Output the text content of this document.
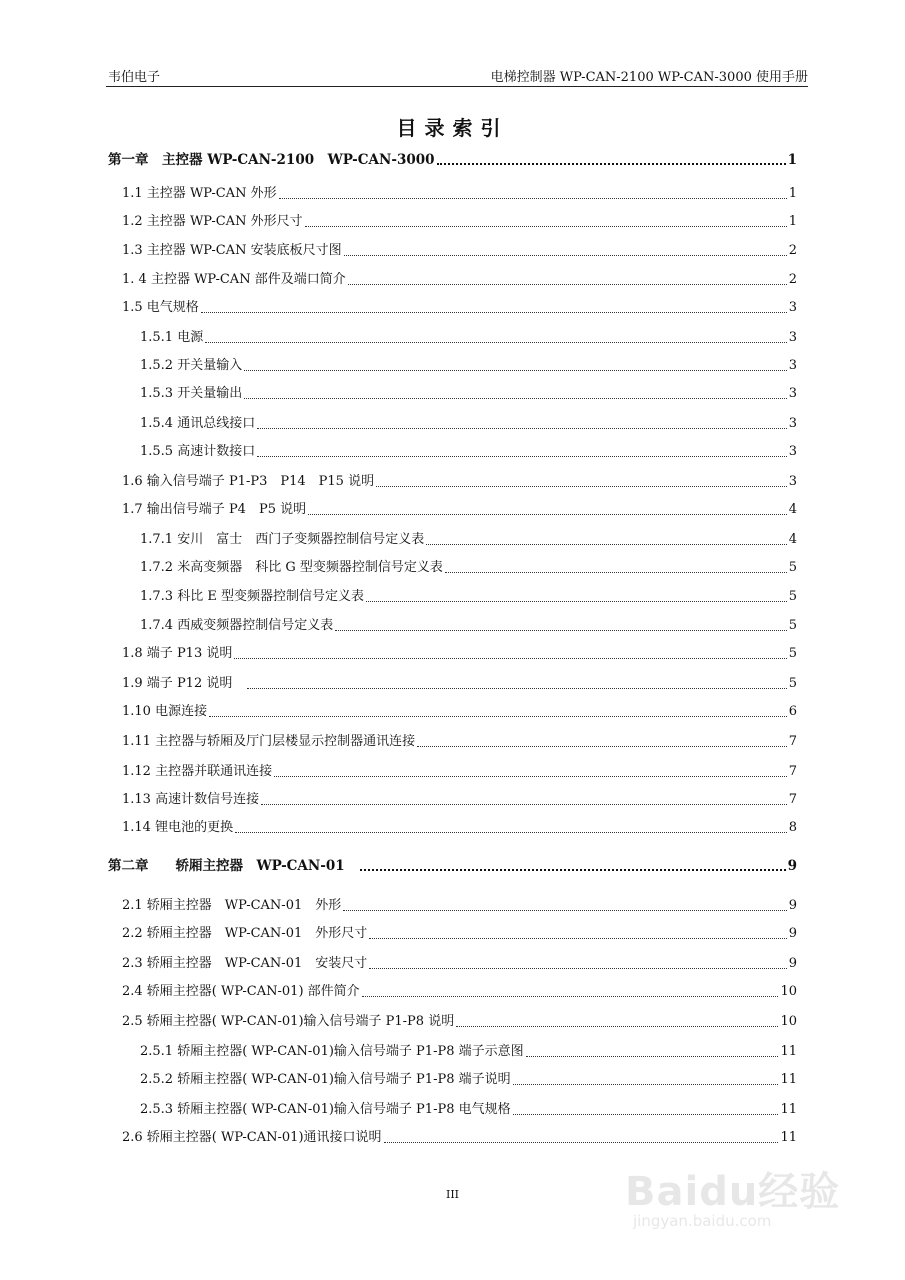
韦伯电子	电梯控制器 WP-CAN-2100 WP-CAN-3000 使用手册
目录索引
第一章　主控器 WP-CAN-2100　WP-CAN-3000	1
1.1 主控器 WP-CAN 外形	1
1.2 主控器 WP-CAN 外形尺寸	1
1.3 主控器 WP-CAN 安装底板尺寸图	2
1. 4 主控器 WP-CAN 部件及端口简介	2
1.5 电气规格	3
1.5.1 电源	3
1.5.2 开关量输入	3
1.5.3 开关量输出	3
1.5.4 通讯总线接口	3
1.5.5 高速计数接口	3
1.6 输入信号端子 P1-P3　P14　P15 说明	3
1.7 输出信号端子 P4　P5 说明	4
1.7.1 安川　富士　西门子变频器控制信号定义表	4
1.7.2 米高变频器　科比 G 型变频器控制信号定义表	5
1.7.3 科比 E 型变频器控制信号定义表	5
1.7.4 西威变频器控制信号定义表	5
1.8 端子 P13 说明	5
1.9 端子 P12 说明　	5
1.10 电源连接	6
1.11 主控器与轿厢及厅门层楼显示控制器通讯连接	7
1.12 主控器并联通讯连接	7
1.13 高速计数信号连接	7
1.14 锂电池的更换	8
第二章　　轿厢主控器　WP-CAN-01　	9
2.1 轿厢主控器　WP-CAN-01　外形	9
2.2 轿厢主控器　WP-CAN-01　外形尺寸	9
2.3 轿厢主控器　WP-CAN-01　安装尺寸	9
2.4 轿厢主控器( WP-CAN-01) 部件简介	10
2.5 轿厢主控器( WP-CAN-01)输入信号端子 P1-P8 说明	10
2.5.1 轿厢主控器( WP-CAN-01)输入信号端子 P1-P8 端子示意图	11
2.5.2 轿厢主控器( WP-CAN-01)输入信号端子 P1-P8 端子说明	11
2.5.3 轿厢主控器( WP-CAN-01)输入信号端子 P1-P8 电气规格	11
2.6 轿厢主控器( WP-CAN-01)通讯接口说明	11
III	Baidu经验
jingyan.baidu.com
